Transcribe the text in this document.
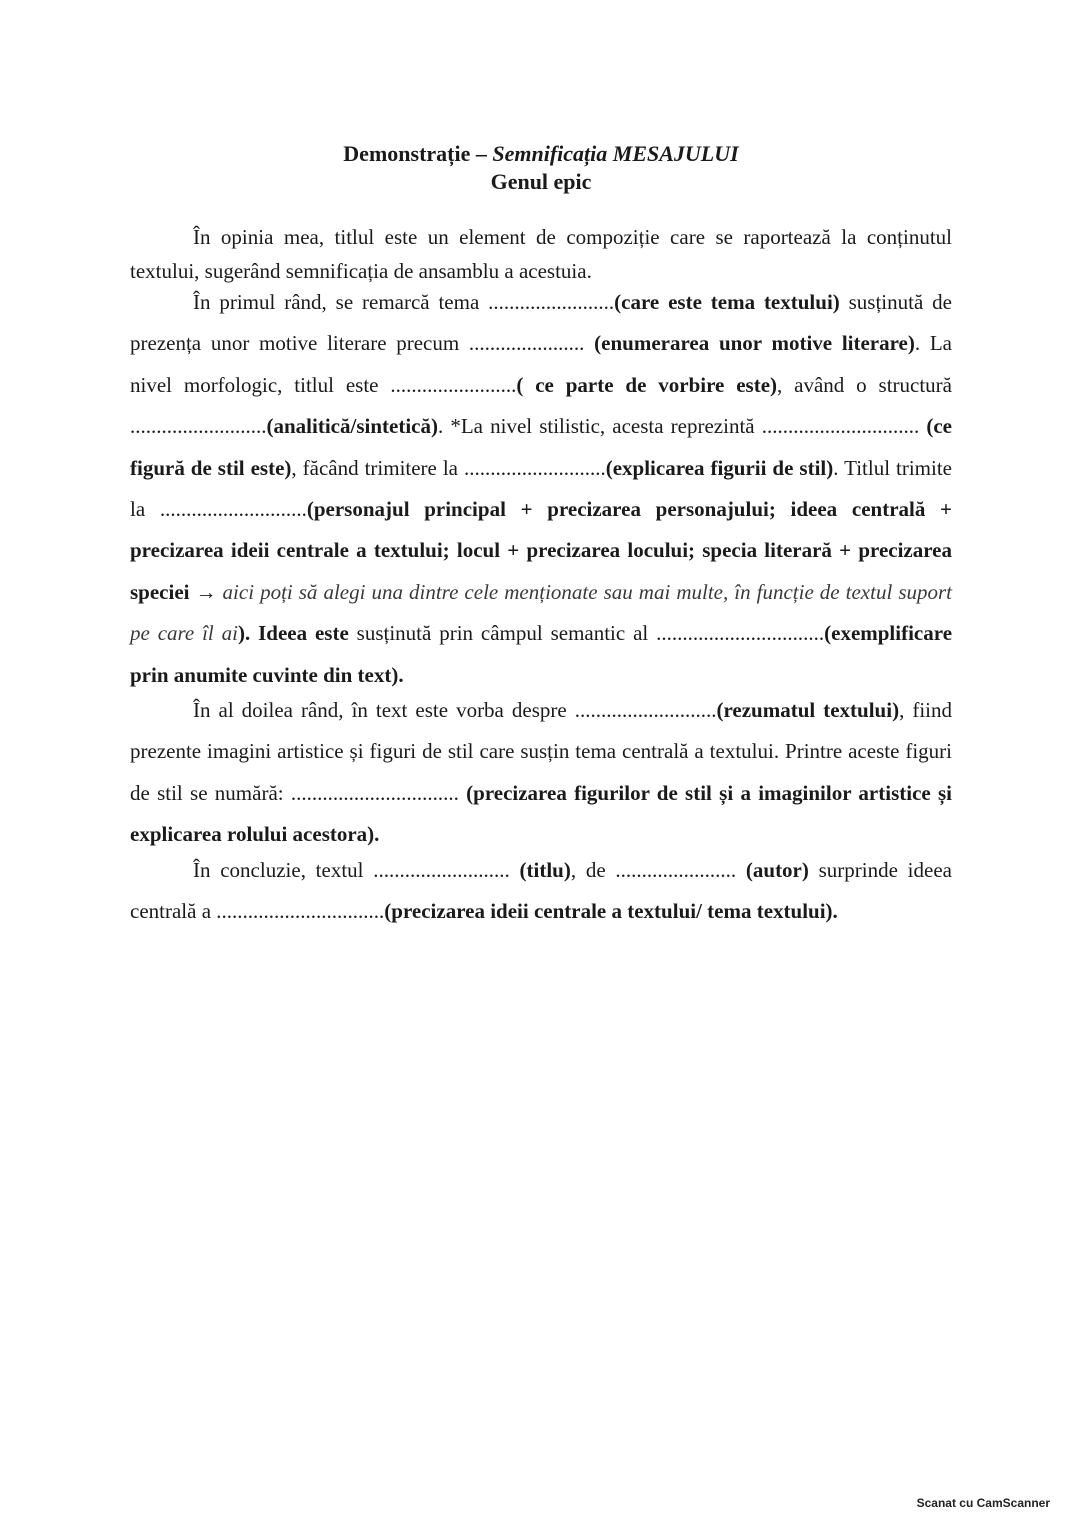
Demonstrație – Semnificația MESAJULUI
Genul epic

În opinia mea, titlul este un element de compoziție care se raportează la conținutul textului, sugerând semnificația de ansamblu a acestuia.

În primul rând, se remarcă tema ........................(care este tema textului) susținută de prezența unor motive literare precum ...................... (enumerarea unor motive literare). La nivel morfologic, titlul este ........................( ce parte de vorbire este), având o structură ..........................(analitică/sintetică). *La nivel stilistic, acesta reprezintă .............................. (ce figură de stil este), făcând trimitere la ...........................(explicarea figurii de stil). Titlul trimite la ............................(personajul principal + precizarea personajului; ideea centrală + precizarea ideii centrale a textului; locul + precizarea locului; specia literară + precizarea speciei → aici poți să alegi una dintre cele menționate sau mai multe, în funcție de textul suport pe care îl ai). Ideea este susținută prin câmpul semantic al ................................(exemplificare prin anumite cuvinte din text).

În al doilea rând, în text este vorba despre ...........................(rezumatul textului), fiind prezente imagini artistice și figuri de stil care susțin tema centrală a textului. Printre aceste figuri de stil se numără: ................................ (precizarea figurilor de stil și a imaginilor artistice și explicarea rolului acestora).

În concluzie, textul .......................... (titlu), de ....................... (autor) surprinde ideea centrală a ................................(precizarea ideii centrale a textului/ tema textului).

Scanat cu CamScanner
